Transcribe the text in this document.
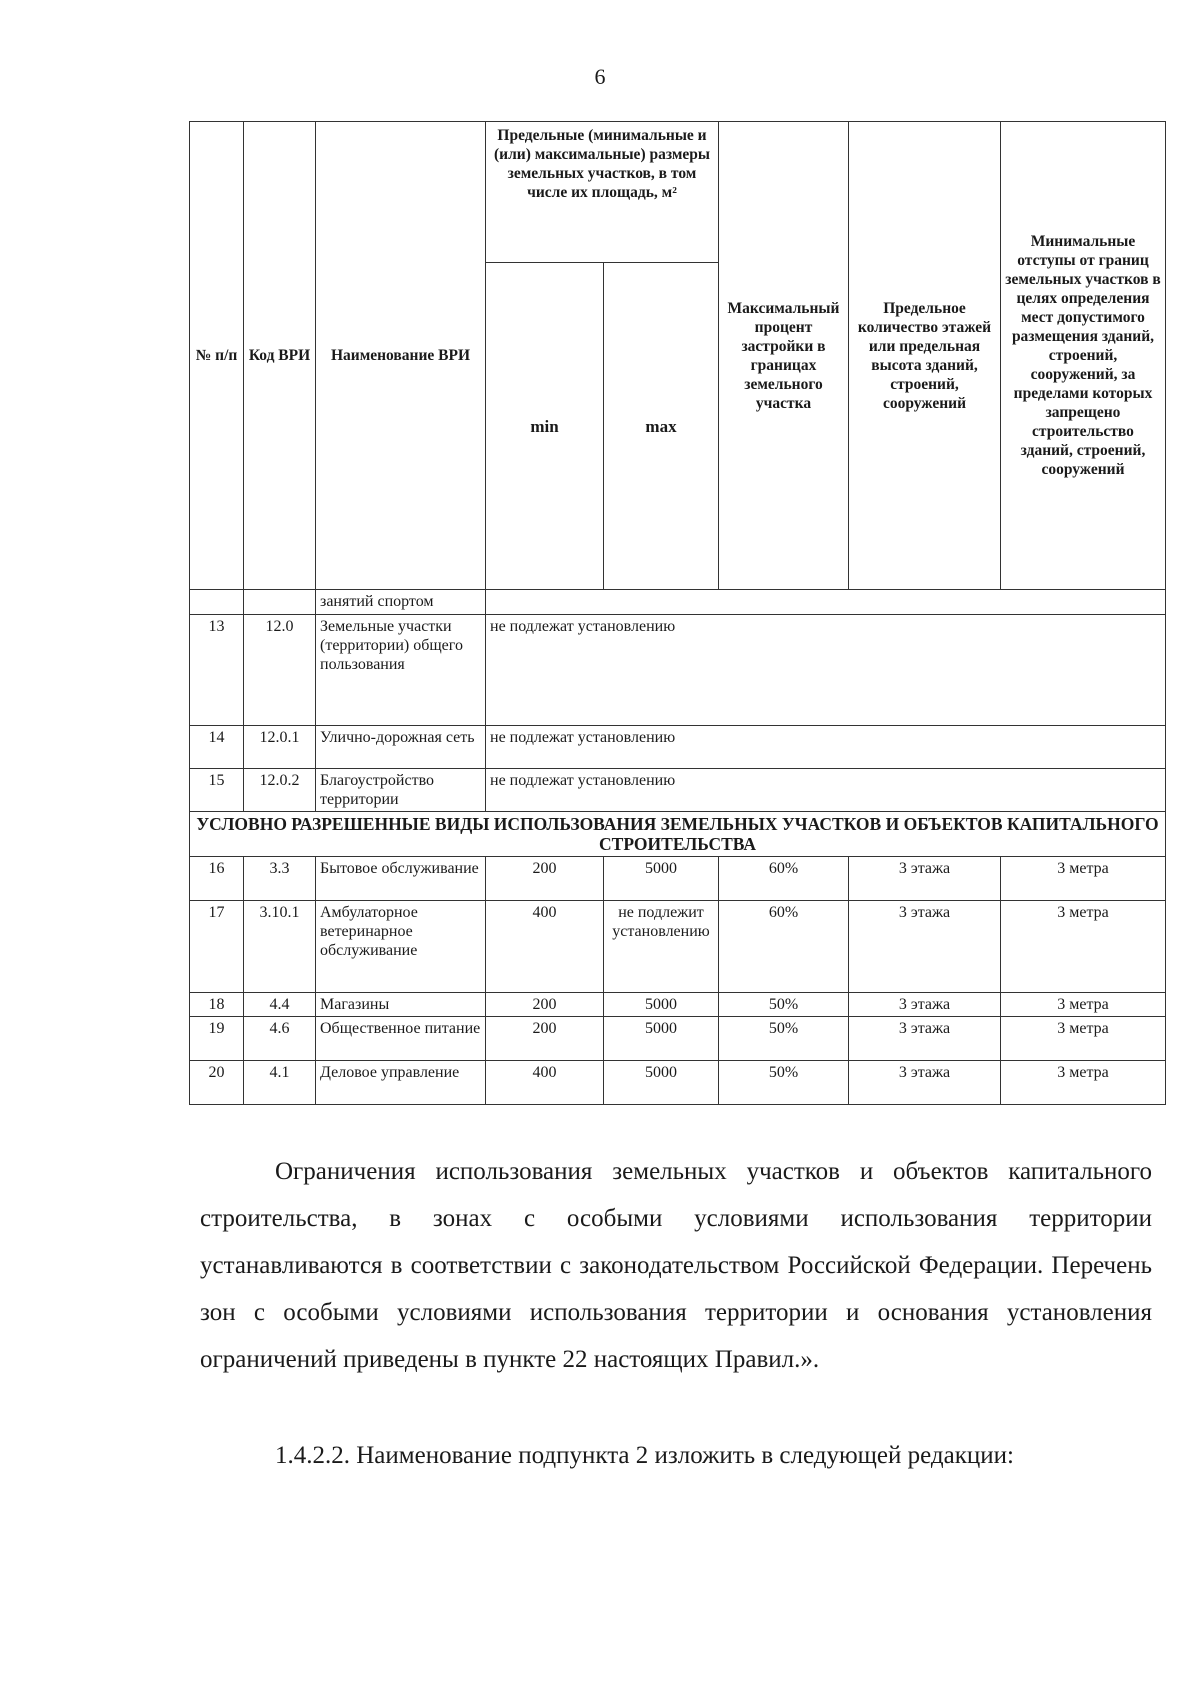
6
№ п/п	Код ВРИ	Наименование ВРИ	Предельные (минимальные и (или) максимальные) размеры земельных участков, в том числе их площадь, м²		Максимальный процент застройки в границах земельного участка	Предельное количество этажей или предельная высота зданий, строений, сооружений	Минимальные отступы от границ земельных участков в целях определения мест допустимого размещения зданий, строений, сооружений, за пределами которых запрещено строительство зданий, строений, сооружений
			min	max			
		занятий спортом					
13	12.0	Земельные участки (территории) общего пользования	не подлежат установлению				
14	12.0.1	Улично-дорожная сеть	не подлежат установлению				
15	12.0.2	Благоустройство территории	не подлежат установлению				
УСЛОВНО РАЗРЕШЕННЫЕ ВИДЫ ИСПОЛЬЗОВАНИЯ ЗЕМЕЛЬНЫХ УЧАСТКОВ И ОБЪЕКТОВ КАПИТАЛЬНОГО СТРОИТЕЛЬСТВА							
16	3.3	Бытовое обслуживание	200	5000	60%	3 этажа	3 метра
17	3.10.1	Амбулаторное ветеринарное обслуживание	400	не подлежит установлению	60%	3 этажа	3 метра
18	4.4	Магазины	200	5000	50%	3 этажа	3 метра
19	4.6	Общественное питание	200	5000	50%	3 этажа	3 метра
20	4.1	Деловое управление	400	5000	50%	3 этажа	3 метра

Ограничения использования земельных участков и объектов капитального строительства, в зонах с особыми условиями использования территории устанавливаются в соответствии с законодательством Российской Федерации. Перечень зон с особыми условиями использования территории и основания установления ограничений приведены в пункте 22 настоящих Правил.».

1.4.2.2. Наименование подпункта 2 изложить в следующей редакции:
